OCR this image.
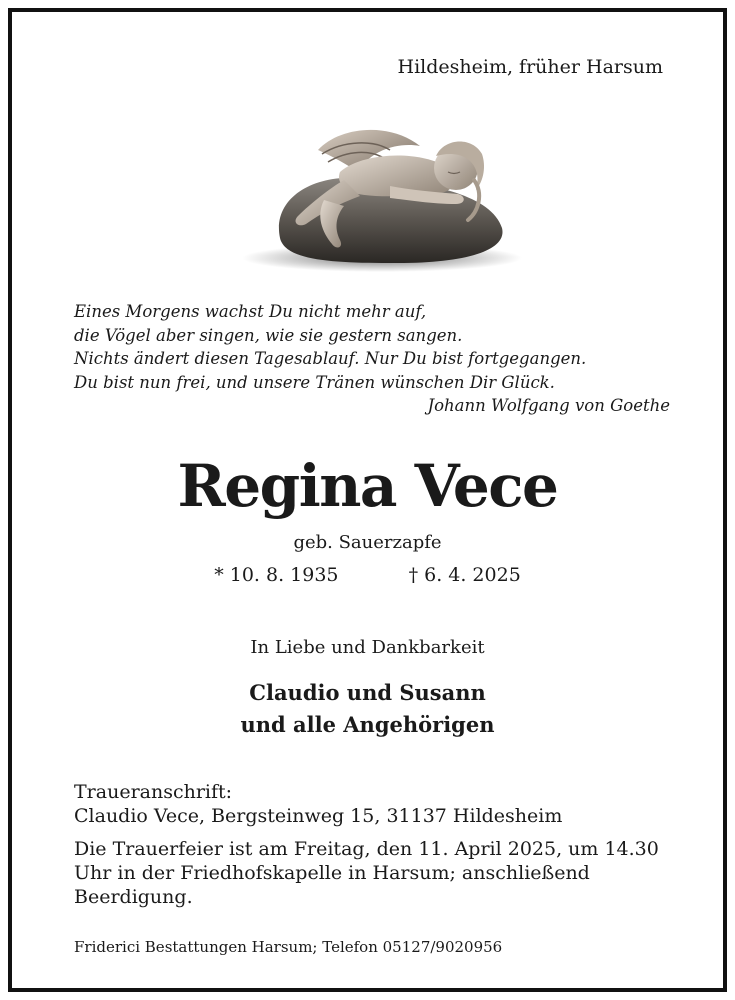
Hildesheim, früher Harsum
Eines Morgens wachst Du nicht mehr auf,
die Vögel aber singen, wie sie gestern sangen.
Nichts ändert diesen Tagesablauf. Nur Du bist fortgegangen.
Du bist nun frei, und unsere Tränen wünschen Dir Glück.
Johann Wolfgang von Goethe
Regina Vece
geb. Sauerzapfe
* 10. 8. 1935	† 6. 4. 2025
In Liebe und Dankbarkeit
Claudio und Susann
und alle Angehörigen
Traueranschrift:
Claudio Vece, Bergsteinweg 15, 31137 Hildesheim
Die Trauerfeier ist am Freitag, den 11. April 2025, um 14.30 Uhr in der Friedhofskapelle in Harsum; anschließend Beerdigung.
Friderici Bestattungen Harsum; Telefon 05127/9020956
